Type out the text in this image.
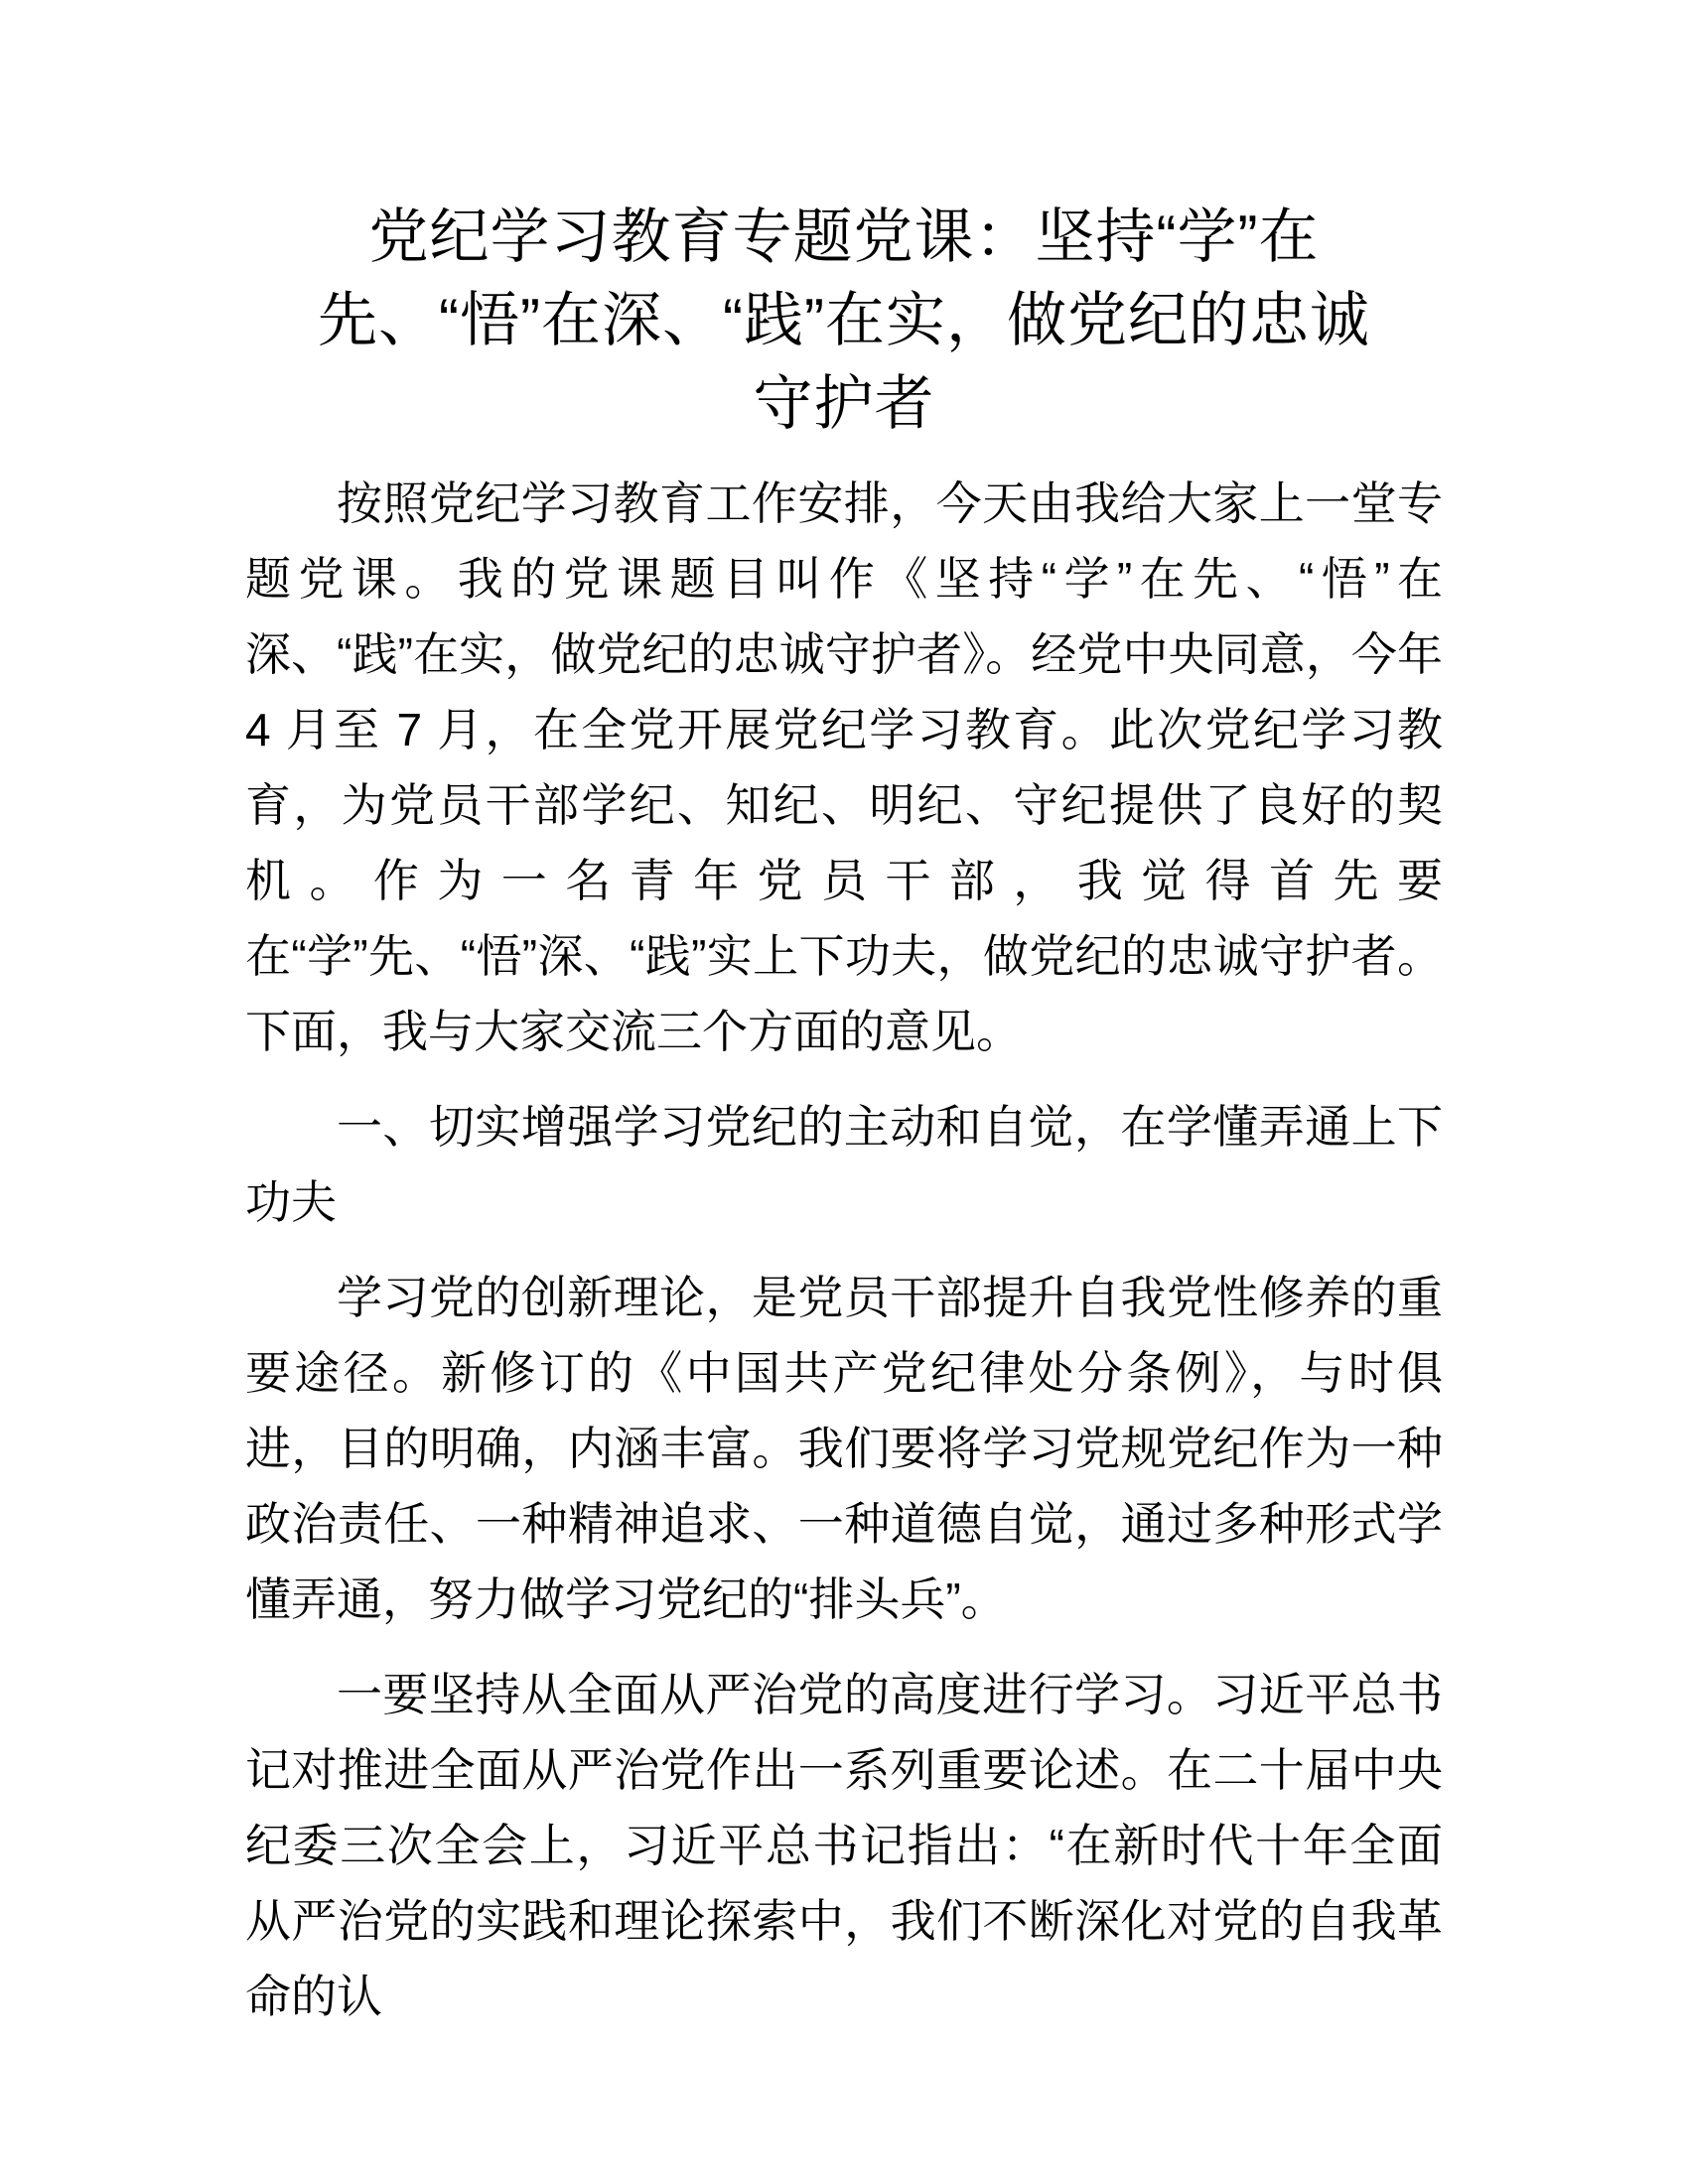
党纪学习教育专题党课：坚持“学”在
先、“悟”在深、“践”在实，做党纪的忠诚
守护者

按照党纪学习教育工作安排，今天由我给大家上一堂专题党课。我的党课题目叫作《坚持“学”在先、“悟”在深、“践”在实，做党纪的忠诚守护者》。经党中央同意，今年 4 月至 7 月，在全党开展党纪学习教育。此次党纪学习教育，为党员干部学纪、知纪、明纪、守纪提供了良好的契机。作为一名青年党员干部，我觉得首先要在“学”先、“悟”深、“践”实上下功夫，做党纪的忠诚守护者。下面，我与大家交流三个方面的意见。

一、切实增强学习党纪的主动和自觉，在学懂弄通上下功夫

学习党的创新理论，是党员干部提升自我党性修养的重要途径。新修订的《中国共产党纪律处分条例》，与时俱进，目的明确，内涵丰富。我们要将学习党规党纪作为一种政治责任、一种精神追求、一种道德自觉，通过多种形式学懂弄通，努力做学习党纪的“排头兵”。

一要坚持从全面从严治党的高度进行学习。习近平总书记对推进全面从严治党作出一系列重要论述。在二十届中央纪委三次全会上，习近平总书记指出：“在新时代十年全面从严治党的实践和理论探索中，我们不断深化对党的自我革命的认
